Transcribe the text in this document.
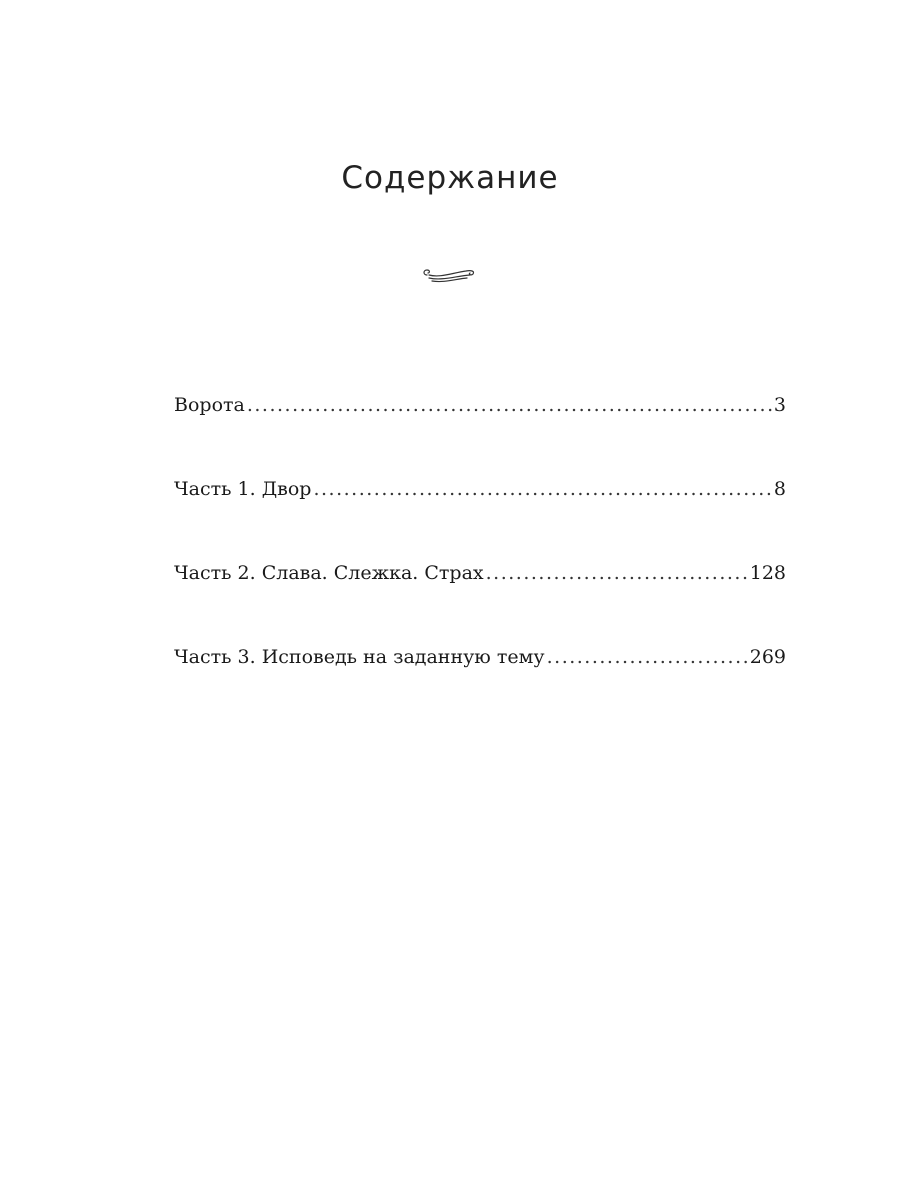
Содержание
Ворота .....	3
Часть 1. Двор .....	8
Часть 2. Слава. Слежка. Страх .....	128
Часть 3. Исповедь на заданную тему .....	269
